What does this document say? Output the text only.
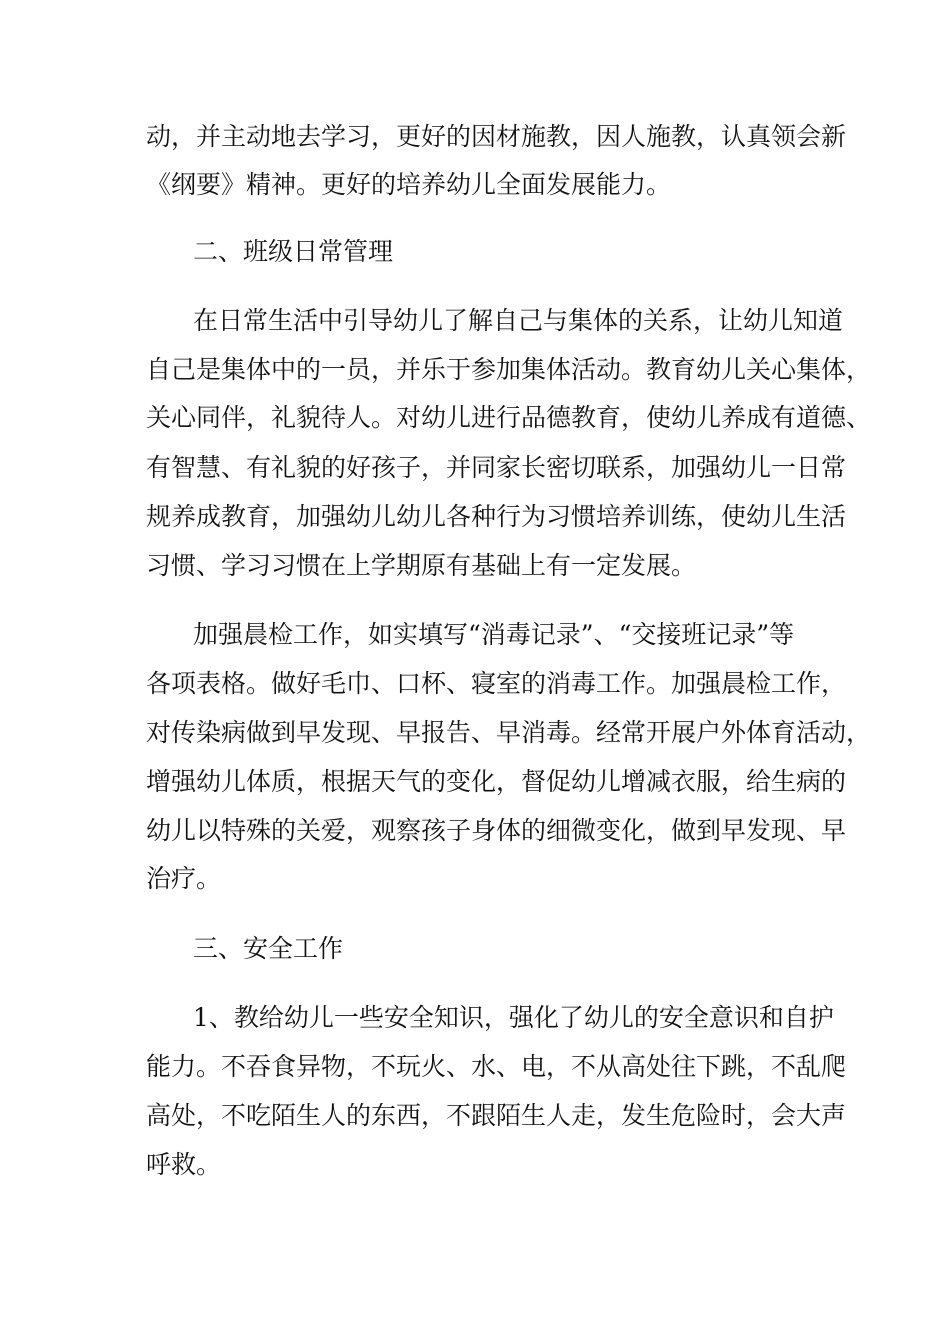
动，并主动地去学习，更好的因材施教，因人施教，认真领会新

《纲要》精神。更好的培养幼儿全面发展能力。

二、班级日常管理

在日常生活中引导幼儿了解自己与集体的关系，让幼儿知道

自己是集体中的一员，并乐于参加集体活动。教育幼儿关心集体，

关心同伴，礼貌待人。对幼儿进行品德教育，使幼儿养成有道德、

有智慧、有礼貌的好孩子，并同家长密切联系，加强幼儿一日常

规养成教育，加强幼儿幼儿各种行为习惯培养训练，使幼儿生活

习惯、学习习惯在上学期原有基础上有一定发展。

加强晨检工作，如实填写“消毒记录”、“交接班记录”等

各项表格。做好毛巾、口杯、寝室的消毒工作。加强晨检工作，

对传染病做到早发现、早报告、早消毒。经常开展户外体育活动，

增强幼儿体质，根据天气的变化，督促幼儿增减衣服，给生病的

幼儿以特殊的关爱，观察孩子身体的细微变化，做到早发现、早

治疗。

三、安全工作

1、教给幼儿一些安全知识，强化了幼儿的安全意识和自护

能力。不吞食异物，不玩火、水、电，不从高处往下跳，不乱爬

高处，不吃陌生人的东西，不跟陌生人走，发生危险时，会大声

呼救。
